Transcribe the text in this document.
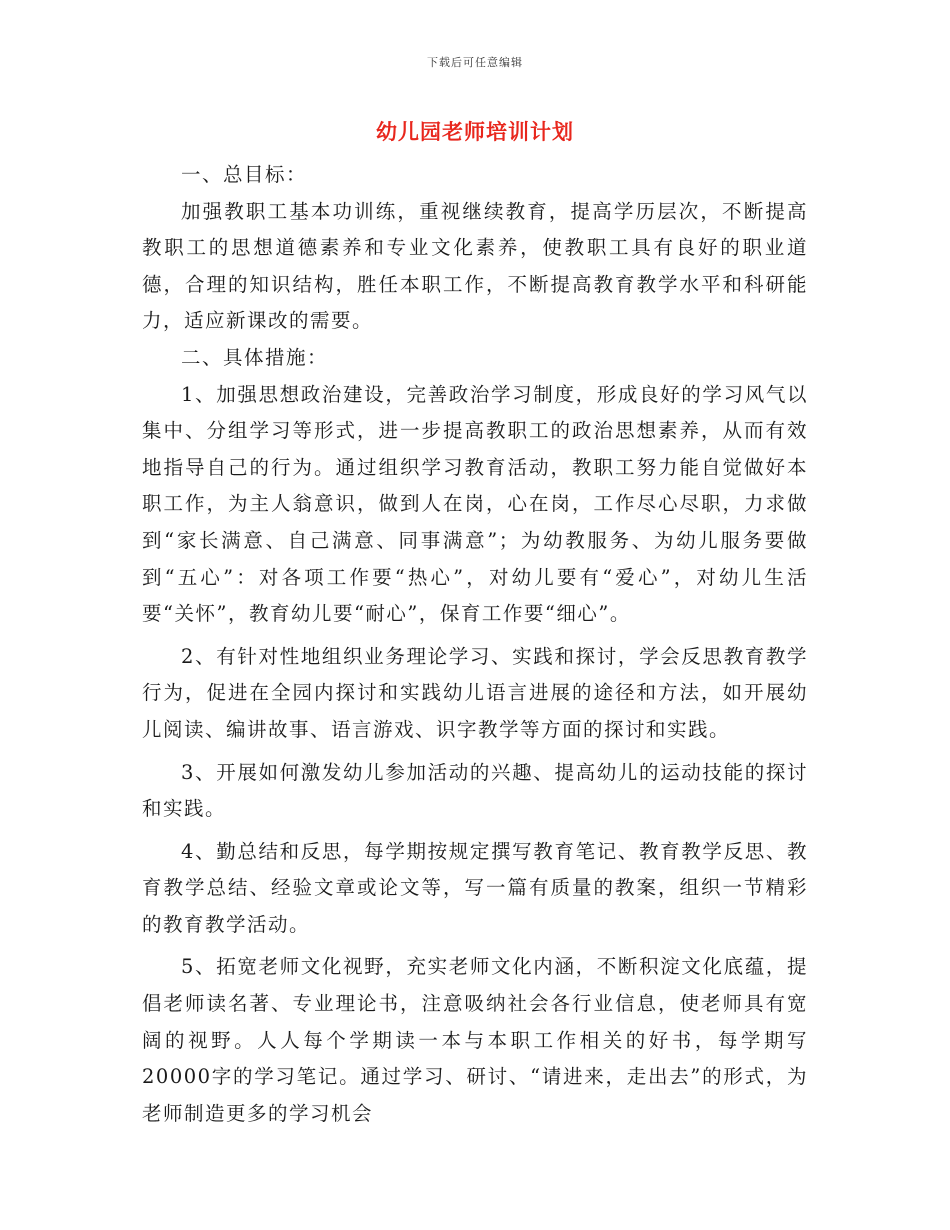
下载后可任意编辑
幼儿园老师培训计划

一、总目标：

加强教职工基本功训练，重视继续教育，提高学历层次，不断提高教职工的思想道德素养和专业文化素养，使教职工具有良好的职业道德，合理的知识结构，胜任本职工作，不断提高教育教学水平和科研能力，适应新课改的需要。

二、具体措施：

1、加强思想政治建设，完善政治学习制度，形成良好的学习风气以集中、分组学习等形式，进一步提高教职工的政治思想素养，从而有效地指导自己的行为。通过组织学习教育活动，教职工努力能自觉做好本职工作，为主人翁意识，做到人在岗，心在岗，工作尽心尽职，力求做到“家长满意、自己满意、同事满意”；为幼教服务、为幼儿服务要做到“五心”：对各项工作要“热心”，对幼儿要有“爱心”，对幼儿生活要“关怀”，教育幼儿要“耐心”，保育工作要“细心”。

2、有针对性地组织业务理论学习、实践和探讨，学会反思教育教学行为，促进在全园内探讨和实践幼儿语言进展的途径和方法，如开展幼儿阅读、编讲故事、语言游戏、识字教学等方面的探讨和实践。

3、开展如何激发幼儿参加活动的兴趣、提高幼儿的运动技能的探讨和实践。

4、勤总结和反思，每学期按规定撰写教育笔记、教育教学反思、教育教学总结、经验文章或论文等，写一篇有质量的教案，组织一节精彩的教育教学活动。

5、拓宽老师文化视野，充实老师文化内涵，不断积淀文化底蕴，提倡老师读名著、专业理论书，注意吸纳社会各行业信息，使老师具有宽阔的视野。人人每个学期读一本与本职工作相关的好书，每学期写20000字的学习笔记。通过学习、研讨、“请进来，走出去”的形式，为老师制造更多的学习机会
